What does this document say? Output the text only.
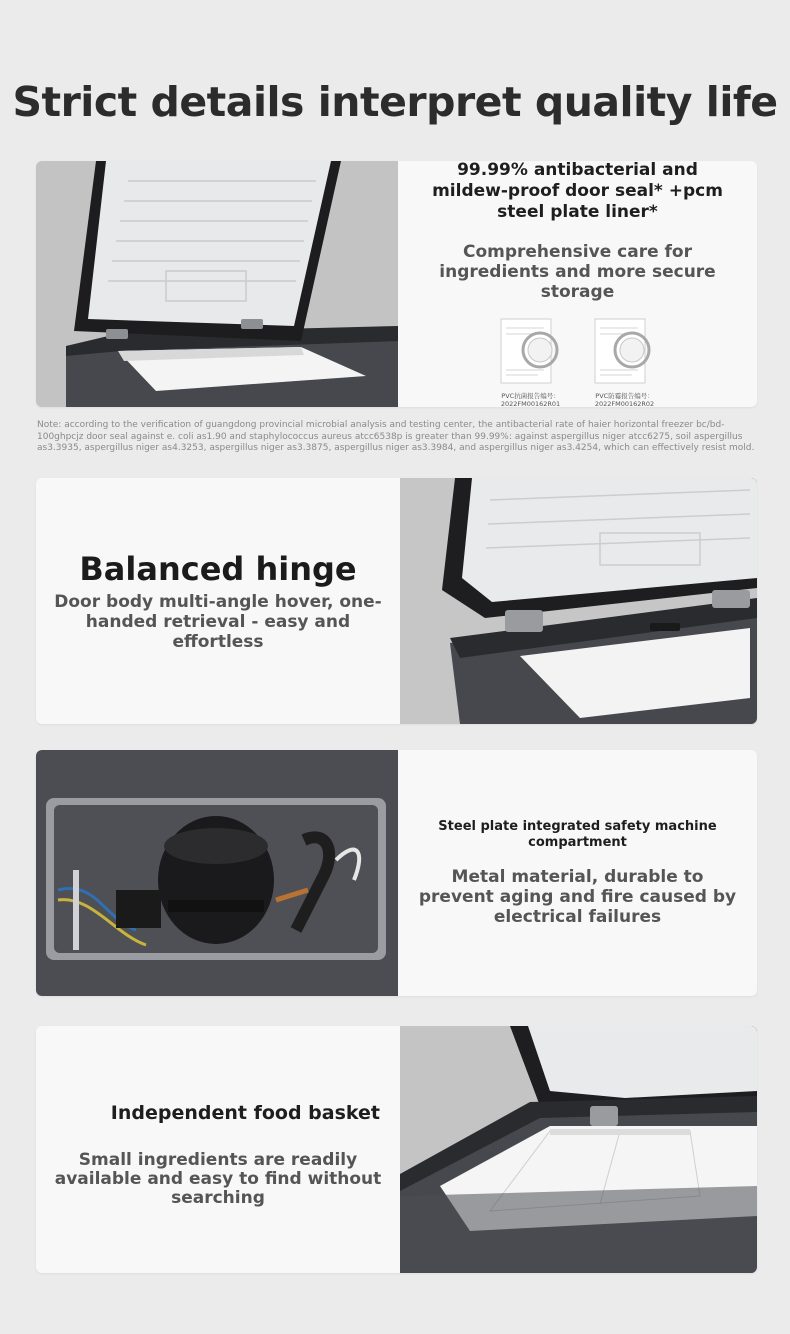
Strict details interpret quality life

99.99% antibacterial and mildew-proof door seal* +pcm steel plate liner*

Comprehensive care for ingredients and more secure storage

PVC抗菌报告编号：
2022FM00162R01
PVC防霉报告编号：
2022FM00162R02

Note: according to the verification of guangdong provincial microbial analysis and testing center, the antibacterial rate of haier horizontal freezer bc/bd-100ghpcjz door seal against e. coli as1.90 and staphylococcus aureus atcc6538p is greater than 99.99%: against aspergillus niger atcc6275, soil aspergillus as3.3935, aspergillus niger as4.3253, aspergillus niger as3.3875, aspergillus niger as3.3984, and aspergillus niger as3.4254, which can effectively resist mold.

Balanced hinge

Door body multi-angle hover, one-handed retrieval - easy and effortless

Steel plate integrated safety machine compartment

Metal material, durable to prevent aging and fire caused by electrical failures

Independent food basket

Small ingredients are readily available and easy to find without searching
